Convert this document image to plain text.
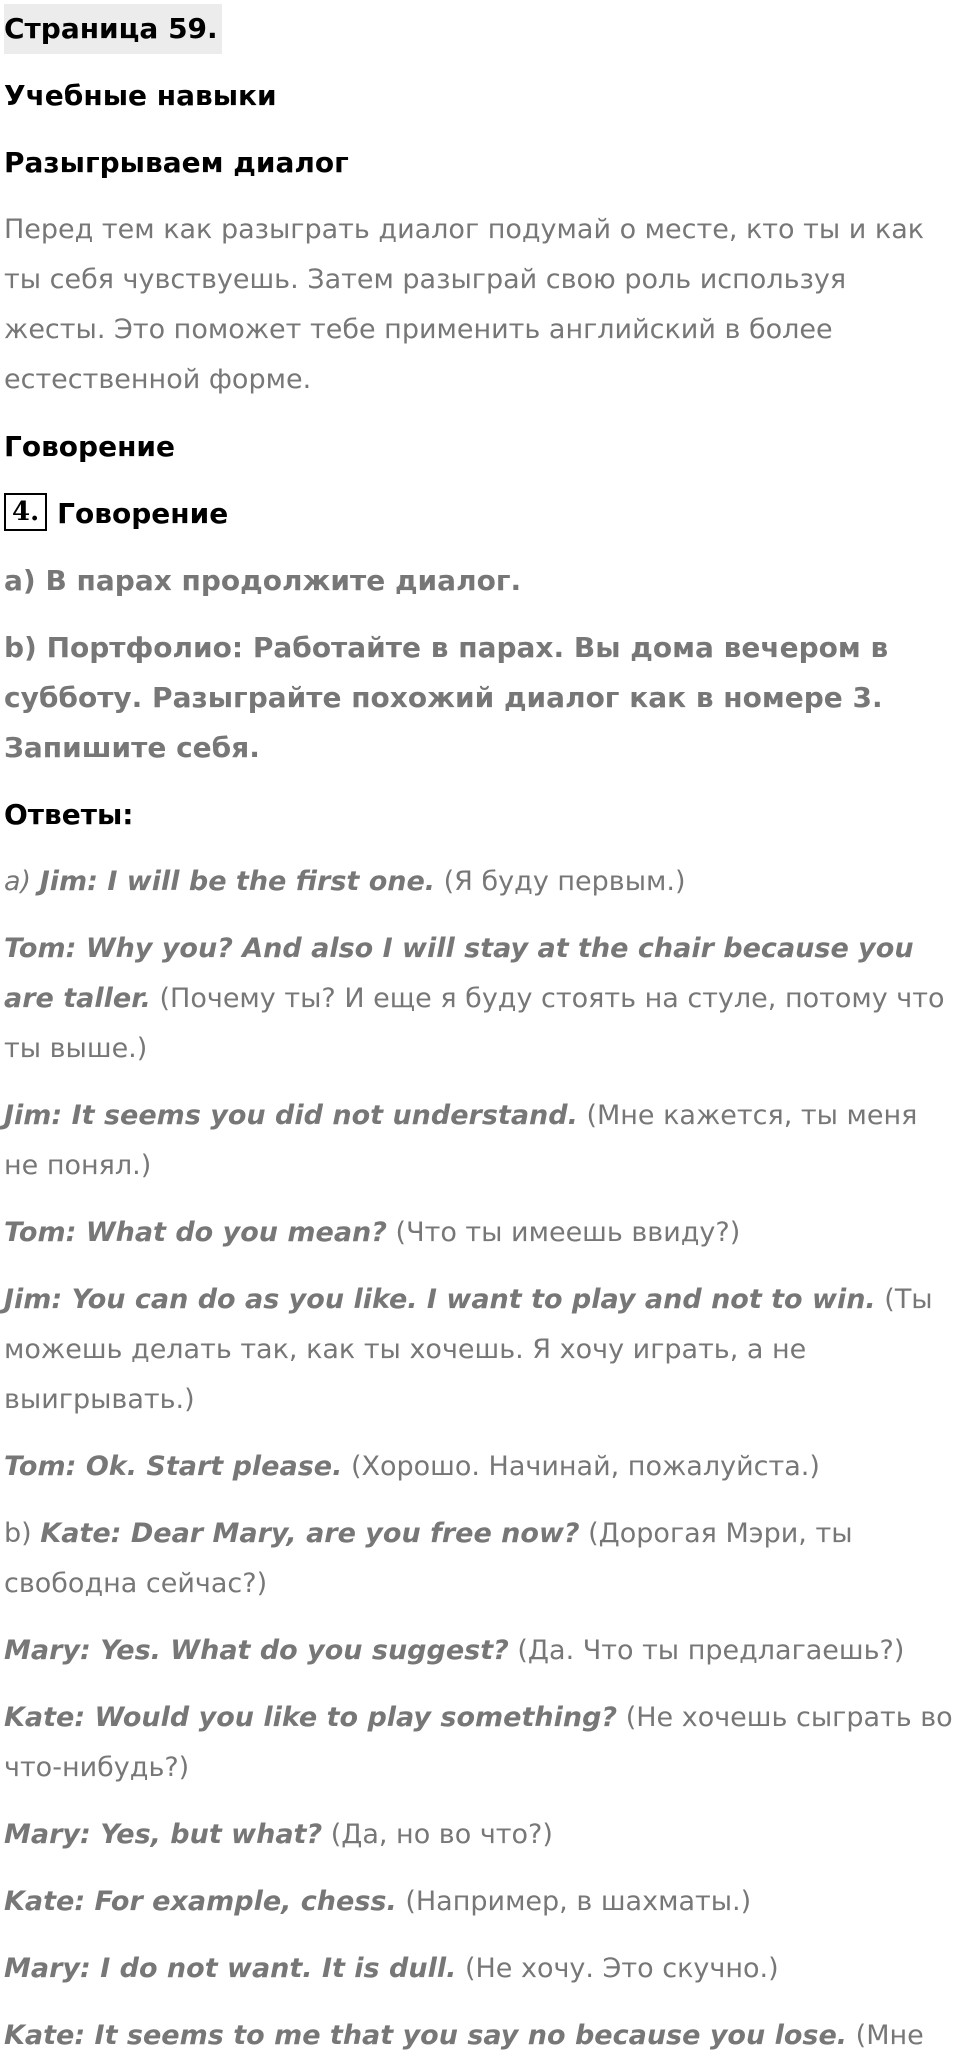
Страница 59.
Учебные навыки
Разыгрываем диалог
Перед тем как разыграть диалог подумай о месте, кто ты и как ты себя чувствуешь. Затем разыграй свою роль используя жесты. Это поможет тебе применить английский в более естественной форме.
Говорение
4. Говорение
a) В парах продолжите диалог.
b) Портфолио: Работайте в парах. Вы дома вечером в субботу. Разыграйте похожий диалог как в номере 3. Запишите себя.
Ответы:
a) Jim: I will be the first one. (Я буду первым.)
Tom: Why you? And also I will stay at the chair because you are taller. (Почему ты? И еще я буду стоять на стуле, потому что ты выше.)
Jim: It seems you did not understand. (Мне кажется, ты меня не понял.)
Tom: What do you mean? (Что ты имеешь ввиду?)
Jim: You can do as you like. I want to play and not to win. (Ты можешь делать так, как ты хочешь. Я хочу играть, а не выигрывать.)
Tom: Ok. Start please. (Хорошо. Начинай, пожалуйста.)
b) Kate: Dear Mary, are you free now? (Дорогая Мэри, ты свободна сейчас?)
Mary: Yes. What do you suggest? (Да. Что ты предлагаешь?)
Kate: Would you like to play something? (Не хочешь сыграть во что-нибудь?)
Mary: Yes, but what? (Да, но во что?)
Kate: For example, chess. (Например, в шахматы.)
Mary: I do not want. It is dull. (Не хочу. Это скучно.)
Kate: It seems to me that you say no because you lose. (Мне
